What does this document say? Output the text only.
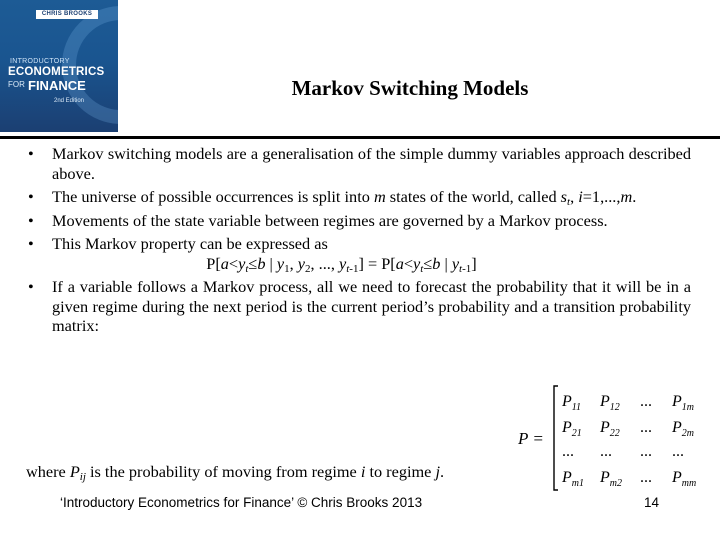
CHRIS BROOKS
INTRODUCTORY
ECONOMETRICS
FOR FINANCE
2nd Edition
Markov Switching Models
• Markov switching models are a generalisation of the simple dummy variables approach described above.
• The universe of possible occurrences is split into m states of the world, called $s_t$, i=1,...,m.
• Movements of the state variable between regimes are governed by a Markov process.
• This Markov property can be expressed as
$P[a<y_t\le b$ | $y_1$, $y_2$, ..., $y_{t-1}] = P[a<y_t\le b$ | $y_{t-1}$]
• If a variable follows a Markov process, all we need to forecast the probability that it will be in a given regime during the next period is the current period’s probability and a transition probability matrix:
where $P_{ij}$ is the probability of moving from regime i to regime j.
P =
$P_{11}$ $P_{12}$ ... $P_{1m}$
$P_{21}$ $P_{22}$ ... $P_{2m}$
... ... ... ...
$P_{m1}$ $P_{m2}$ ... $P_{mm}$
‘Introductory Econometrics for Finance’ © Chris Brooks 2013	14
